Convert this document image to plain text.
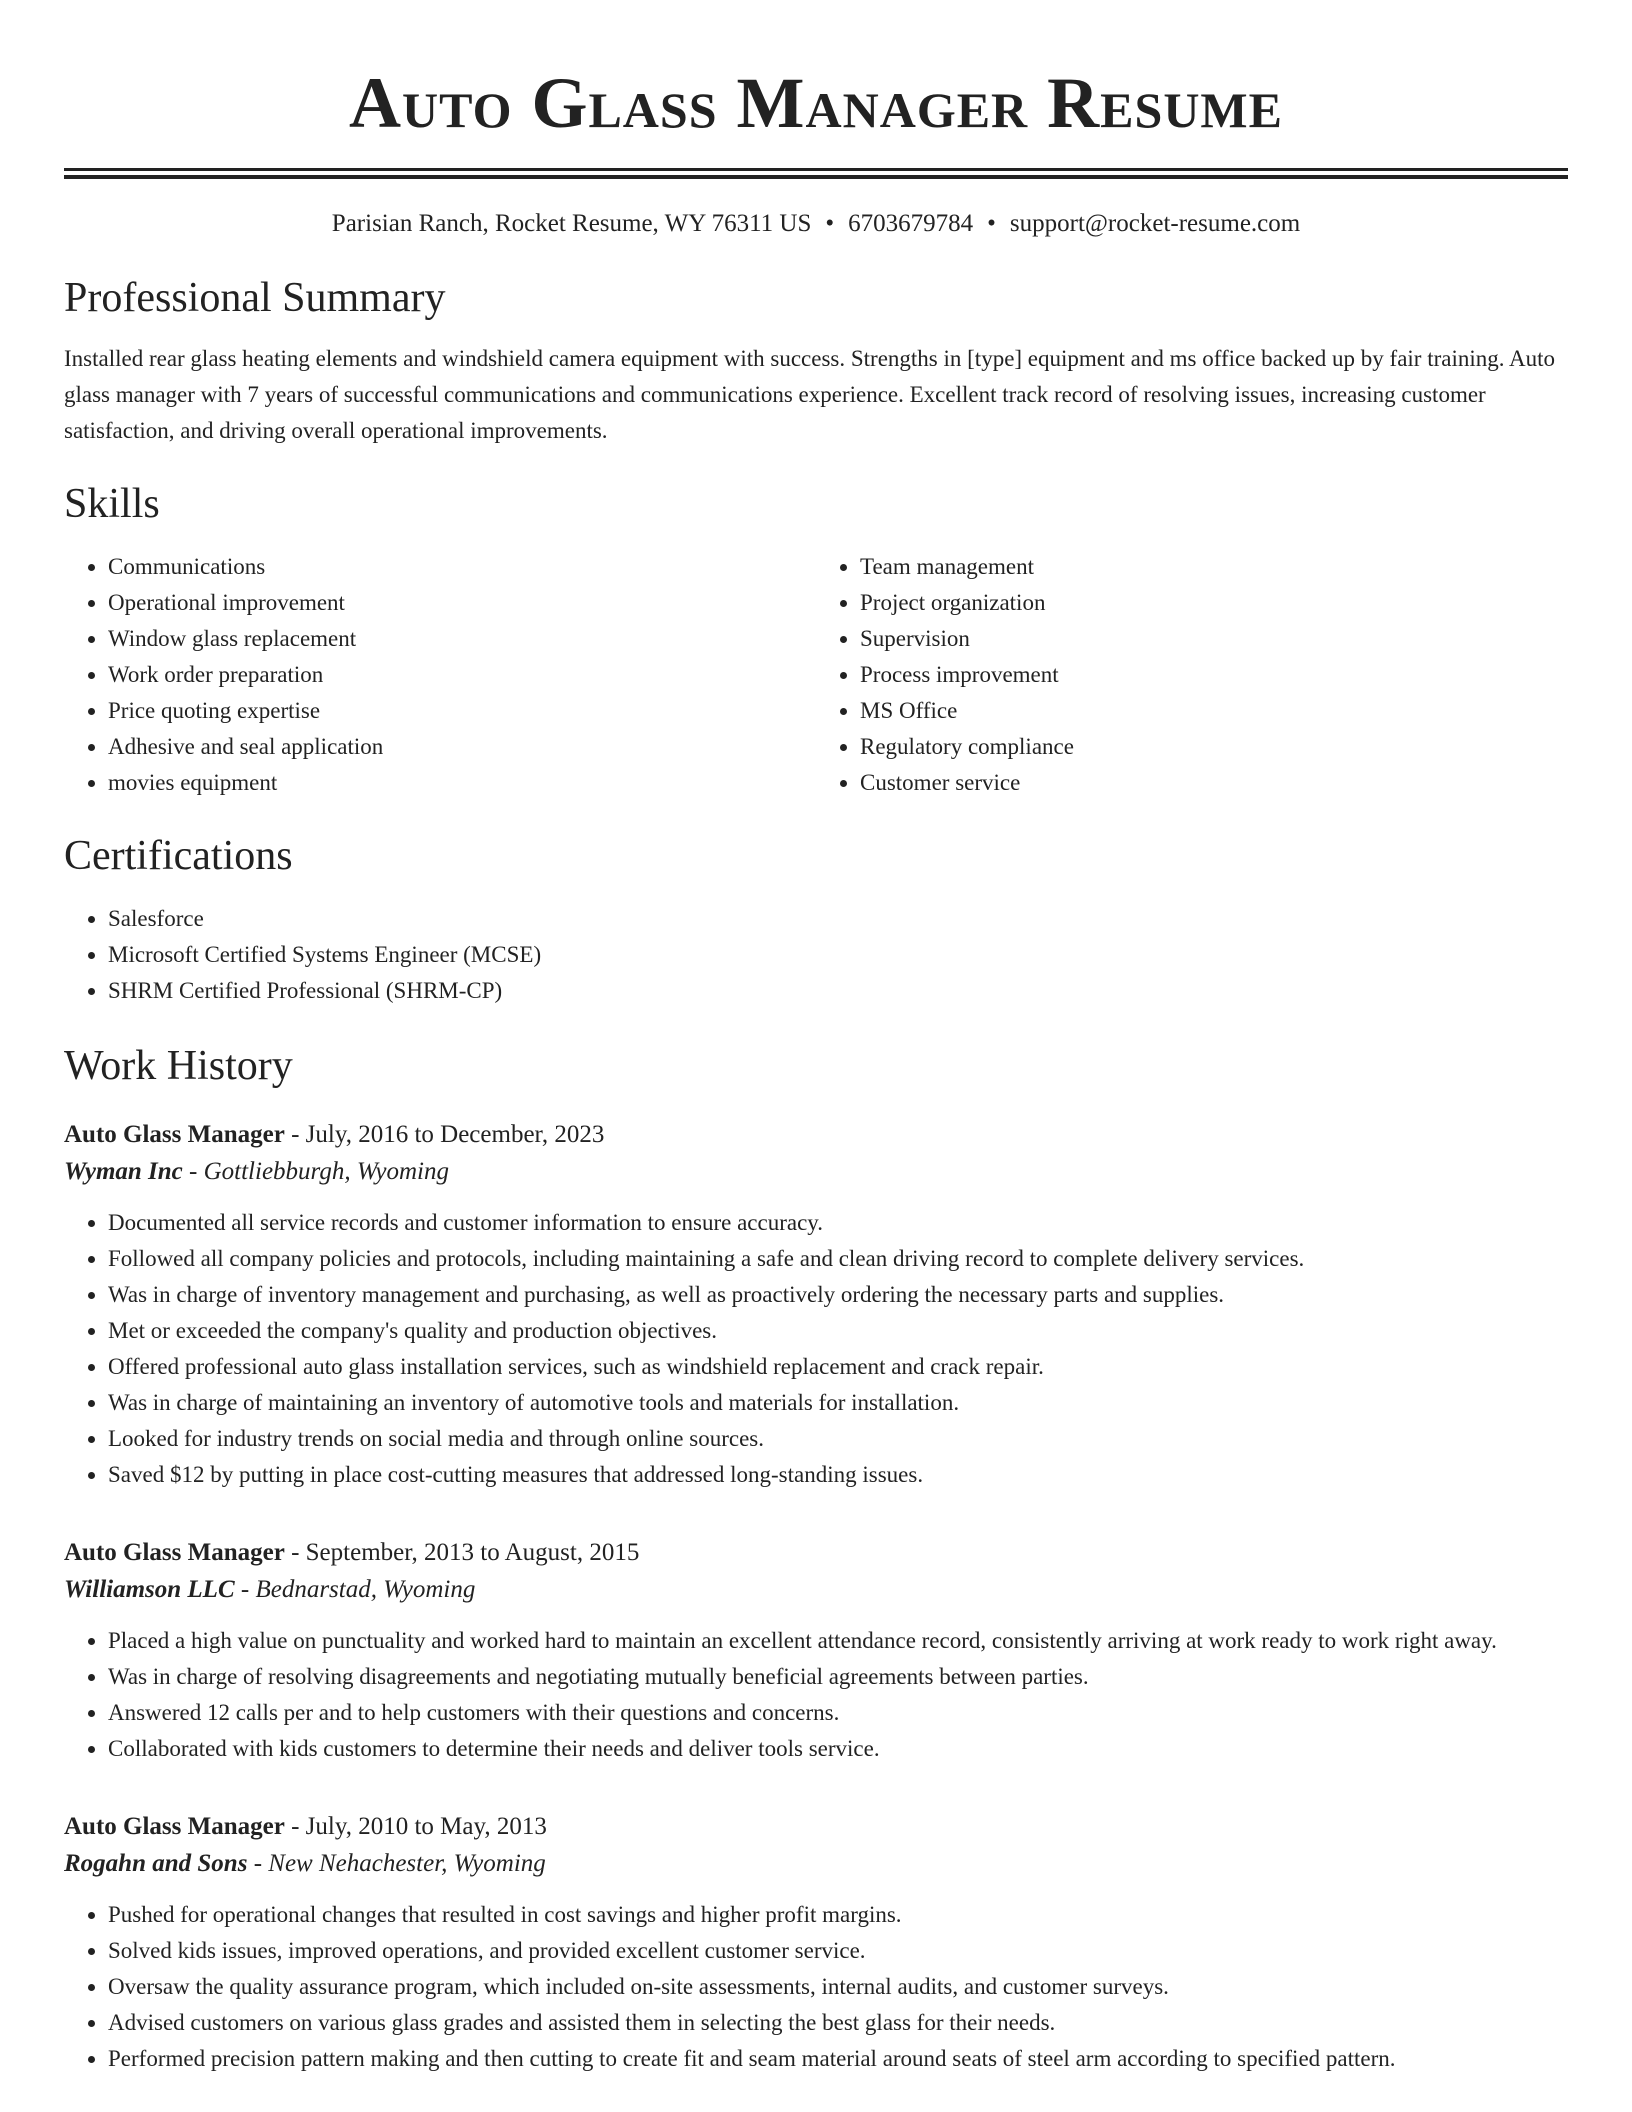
Auto Glass Manager Resume
Parisian Ranch, Rocket Resume, WY 76311 US • 6703679784 • support@rocket-resume.com
Professional Summary

Installed rear glass heating elements and windshield camera equipment with success. Strengths in [type] equipment and ms office backed up by fair training. Auto glass manager with 7 years of successful communications and communications experience. Excellent track record of resolving issues, increasing customer satisfaction, and driving overall operational improvements.

Skills
• Communications
• Operational improvement
• Window glass replacement
• Work order preparation
• Price quoting expertise
• Adhesive and seal application
• movies equipment
• Team management
• Project organization
• Supervision
• Process improvement
• MS Office
• Regulatory compliance
• Customer service
Certifications
• Salesforce
• Microsoft Certified Systems Engineer (MCSE)
• SHRM Certified Professional (SHRM-CP)
Work History
Auto Glass Manager - July, 2016 to December, 2023
Wyman Inc - Gottliebburgh, Wyoming
• Documented all service records and customer information to ensure accuracy.
• Followed all company policies and protocols, including maintaining a safe and clean driving record to complete delivery services.
• Was in charge of inventory management and purchasing, as well as proactively ordering the necessary parts and supplies.
• Met or exceeded the company's quality and production objectives.
• Offered professional auto glass installation services, such as windshield replacement and crack repair.
• Was in charge of maintaining an inventory of automotive tools and materials for installation.
• Looked for industry trends on social media and through online sources.
• Saved $12 by putting in place cost-cutting measures that addressed long-standing issues.
Auto Glass Manager - September, 2013 to August, 2015
Williamson LLC - Bednarstad, Wyoming
• Placed a high value on punctuality and worked hard to maintain an excellent attendance record, consistently arriving at work ready to work right away.
• Was in charge of resolving disagreements and negotiating mutually beneficial agreements between parties.
• Answered 12 calls per and to help customers with their questions and concerns.
• Collaborated with kids customers to determine their needs and deliver tools service.
Auto Glass Manager - July, 2010 to May, 2013
Rogahn and Sons - New Nehachester, Wyoming
• Pushed for operational changes that resulted in cost savings and higher profit margins.
• Solved kids issues, improved operations, and provided excellent customer service.
• Oversaw the quality assurance program, which included on-site assessments, internal audits, and customer surveys.
• Advised customers on various glass grades and assisted them in selecting the best glass for their needs.
• Performed precision pattern making and then cutting to create fit and seam material around seats of steel arm according to specified pattern.
